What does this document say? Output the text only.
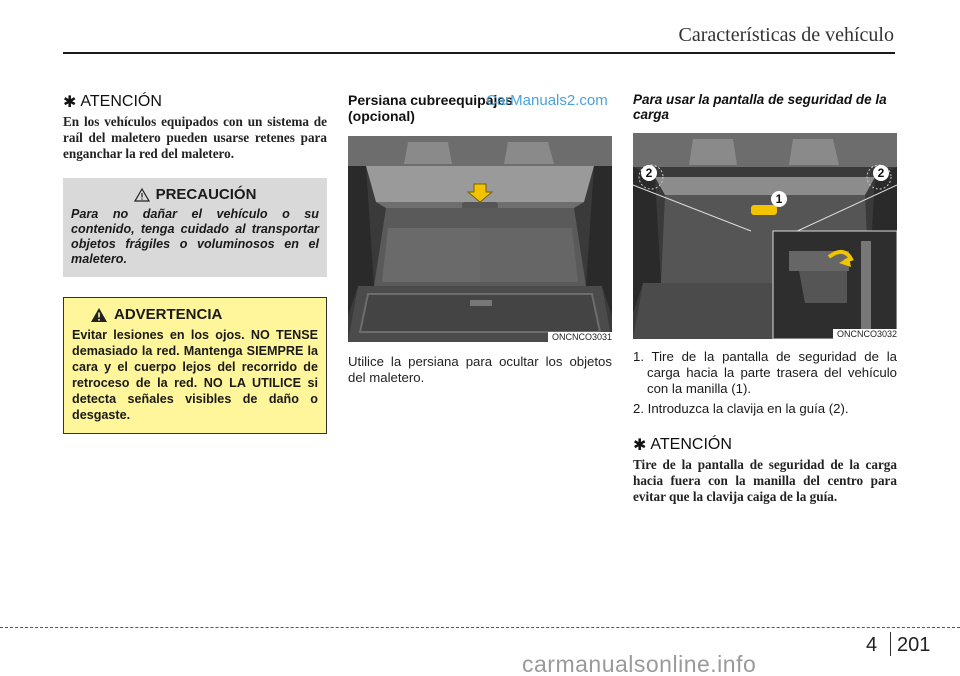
Características de vehículo
✱ ATENCIÓN

En los vehículos equipados con un sistema de raíl del maletero pueden usarse retenes para enganchar la red del maletero.

PRECAUCIÓN

Para no dañar el vehículo o su contenido, tenga cuidado al transportar objetos frágiles o voluminosos en el maletero.

ADVERTENCIA

Evitar lesiones en los ojos. NO TENSE demasiado la red. Mantenga SIEMPRE la cara y el cuerpo lejos del recorrido de retroceso de la red. NO LA UTILICE si detecta señales visibles de daño o desgaste.

Persiana cubreequipajes
(opcional)
ONCNCO3031

Utilice la persiana para ocultar los objetos del maletero.

CarManuals2.com Para usar la pantalla de seguridad de la carga
1
2	2
ONCNCO3032
1. Tire de la pantalla de seguridad de la carga hacia la parte trasera del vehículo con la manilla (1).
2. Introduzca la clavija en la guía (2).
✱ ATENCIÓN

Tire de la pantalla de seguridad de la carga hacia fuera con la manilla del centro para evitar que la clavija caiga de la guía.

4 201
carmanualsonline.info
